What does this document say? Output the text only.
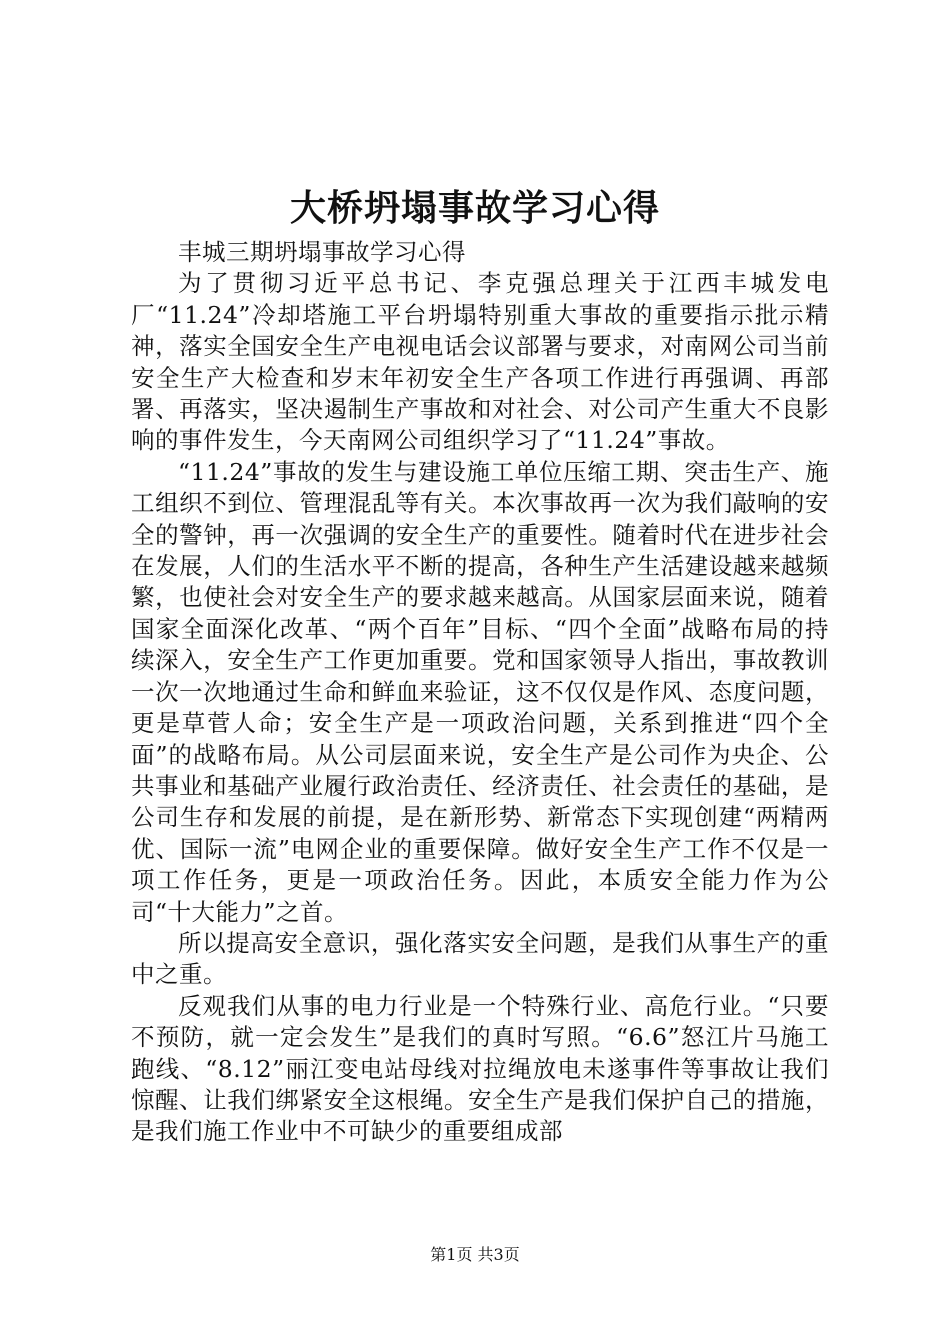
大桥坍塌事故学习心得

丰城三期坍塌事故学习心得

为了贯彻习近平总书记、李克强总理关于江西丰城发电厂“11.24”冷却塔施工平台坍塌特别重大事故的重要指示批示精神，落实全国安全生产电视电话会议部署与要求，对南网公司当前安全生产大检查和岁末年初安全生产各项工作进行再强调、再部署、再落实，坚决遏制生产事故和对社会、对公司产生重大不良影响的事件发生，今天南网公司组织学习了“11.24”事故。

“11.24”事故的发生与建设施工单位压缩工期、突击生产、施工组织不到位、管理混乱等有关。本次事故再一次为我们敲响的安全的警钟，再一次强调的安全生产的重要性。随着时代在进步社会在发展，人们的生活水平不断的提高，各种生产生活建设越来越频繁，也使社会对安全生产的要求越来越高。从国家层面来说，随着国家全面深化改革、“两个百年”目标、“四个全面”战略布局的持续深入，安全生产工作更加重要。党和国家领导人指出，事故教训一次一次地通过生命和鲜血来验证，这不仅仅是作风、态度问题，更是草菅人命；安全生产是一项政治问题，关系到推进“四个全面”的战略布局。从公司层面来说，安全生产是公司作为央企、公共事业和基础产业履行政治责任、经济责任、社会责任的基础，是公司生存和发展的前提，是在新形势、新常态下实现创建“两精两优、国际一流”电网企业的重要保障。做好安全生产工作不仅是一项工作任务，更是一项政治任务。因此，本质安全能力作为公司“十大能力”之首。

所以提高安全意识，强化落实安全问题，是我们从事生产的重中之重。

反观我们从事的电力行业是一个特殊行业、高危行业。“只要不预防，就一定会发生”是我们的真时写照。“6.6”怒江片马施工跑线、“8.12”丽江变电站母线对拉绳放电未遂事件等事故让我们惊醒、让我们绑紧安全这根绳。安全生产是我们保护自己的措施，是我们施工作业中不可缺少的重要组成部

第1页 共3页
